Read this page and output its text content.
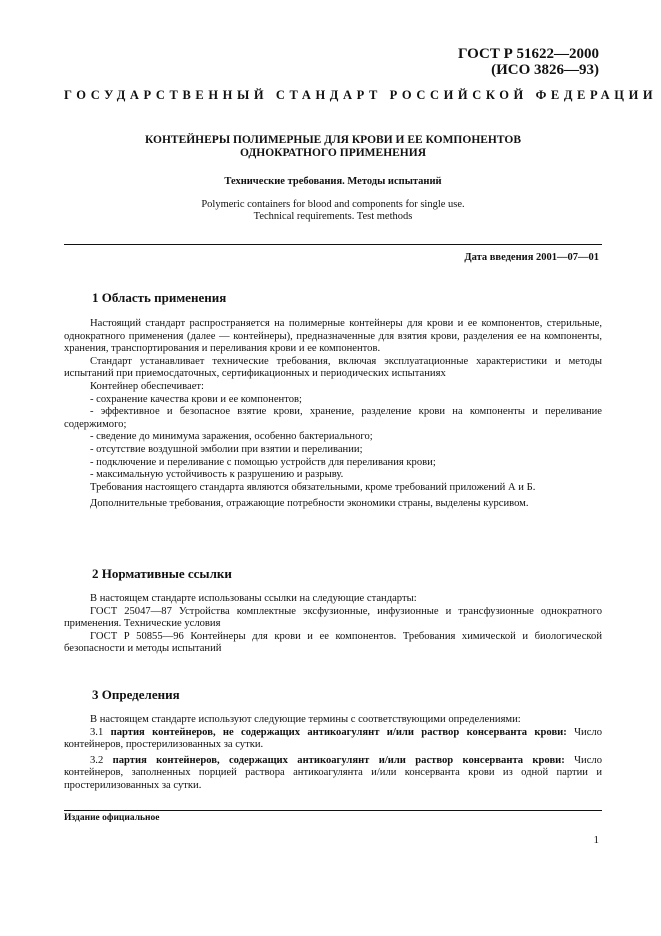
ГОСТ Р 51622—2000
(ИСО 3826—93)
ГОСУДАРСТВЕННЫЙ СТАНДАРТ РОССИЙСКОЙ ФЕДЕРАЦИИ
КОНТЕЙНЕРЫ ПОЛИМЕРНЫЕ ДЛЯ КРОВИ И ЕЕ КОМПОНЕНТОВ
ОДНОКРАТНОГО ПРИМЕНЕНИЯ
Технические требования. Методы испытаний
Polymeric containers for blood and components for single use.
Technical requirements. Test methods
Дата введения 2001—07—01
1 Область применения

Настоящий стандарт распространяется на полимерные контейнеры для крови и ее компонентов, стерильные, однократного применения (далее — контейнеры), предназначенные для взятия крови, разделения ее на компоненты, хранения, транспортирования и переливания крови и ее компонентов.

Стандарт устанавливает технические требования, включая эксплуатационные характеристики и методы испытаний при приемосдаточных, сертификационных и периодических испытаниях

Контейнер обеспечивает:

- сохранение качества крови и ее компонентов;

- эффективное и безопасное взятие крови, хранение, разделение крови на компоненты и переливание содержимого;

- сведение до минимума заражения, особенно бактериального;

- отсутствие воздушной эмболии при взятии и переливании;

- подключение и переливание с помощью устройств для переливания крови;

- максимальную устойчивость к разрушению и разрыву.

Требования настоящего стандарта являются обязательными, кроме требований приложений А и Б.

Дополнительные требования, отражающие потребности экономики страны, выделены курсивом.

2 Нормативные ссылки

В настоящем стандарте использованы ссылки на следующие стандарты:

ГОСТ 25047—87 Устройства комплектные эксфузионные, инфузионные и трансфузионные однократного применения. Технические условия

ГОСТ Р 50855—96 Контейнеры для крови и ее компонентов. Требования химической и биологической безопасности и методы испытаний

3 Определения

В настоящем стандарте используют следующие термины с соответствующими определениями:

3.1 партия контейнеров, не содержащих антикоагулянт и/или раствор консерванта крови: Число контейнеров, простерилизованных за сутки.

3.2 партия контейнеров, содержащих антикоагулянт и/или раствор консерванта крови: Число контейнеров, заполненных порцией раствора антикоагулянта и/или консерванта крови из одной партии и простерилизованных за сутки.

Издание официальное
1
